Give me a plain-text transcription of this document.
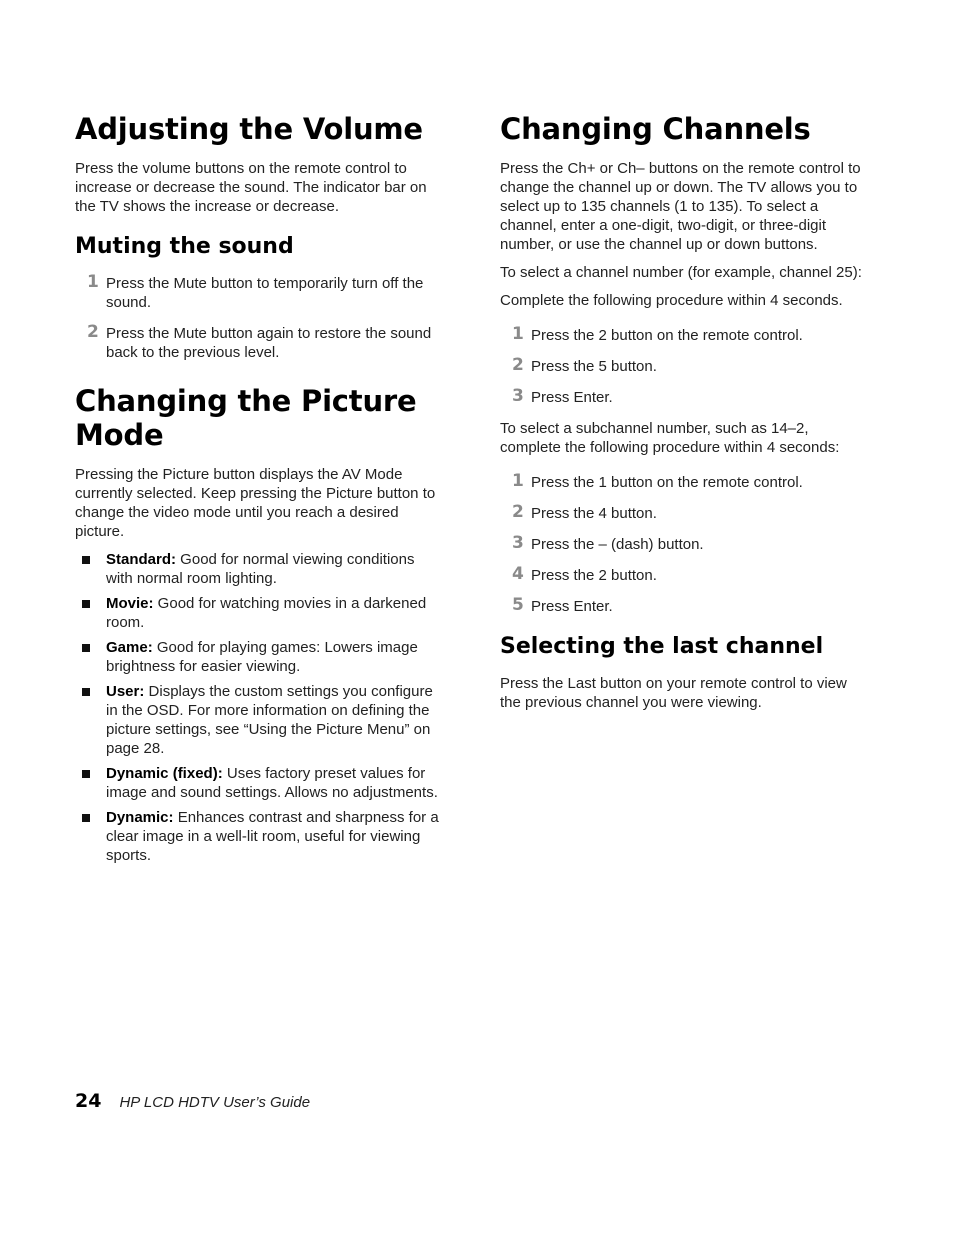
Adjusting the Volume

Press the volume buttons on the remote control to increase or decrease the sound. The indicator bar on the TV shows the increase or decrease.

Muting the sound
1 Press the Mute button to temporarily turn off the sound.
2 Press the Mute button again to restore the sound back to the previous level.
Changing the Picture Mode

Pressing the Picture button displays the AV Mode currently selected. Keep pressing the Picture button to change the video mode until you reach a desired picture.

Standard: Good for normal viewing conditions with normal room lighting.
Movie: Good for watching movies in a darkened room.
Game: Good for playing games: Lowers image brightness for easier viewing.
User: Displays the custom settings you configure in the OSD. For more information on defining the picture settings, see “Using the Picture Menu” on page 28.
Dynamic (fixed): Uses factory preset values for image and sound settings. Allows no adjustments.
Dynamic: Enhances contrast and sharpness for a clear image in a well-lit room, useful for viewing sports.
Changing Channels

Press the Ch+ or Ch– buttons on the remote control to change the channel up or down. The TV allows you to select up to 135 channels (1 to 135). To select a channel, enter a one-digit, two-digit, or three-digit number, or use the channel up or down buttons.

To select a channel number (for example, channel 25):

Complete the following procedure within 4 seconds.

1 Press the 2 button on the remote control.
2 Press the 5 button.
3 Press Enter.

To select a subchannel number, such as 14–2, complete the following procedure within 4 seconds:

1 Press the 1 button on the remote control.
2 Press the 4 button.
3 Press the – (dash) button.
4 Press the 2 button.
5 Press Enter.
Selecting the last channel

Press the Last button on your remote control to view the previous channel you were viewing.

24 HP LCD HDTV User’s Guide
